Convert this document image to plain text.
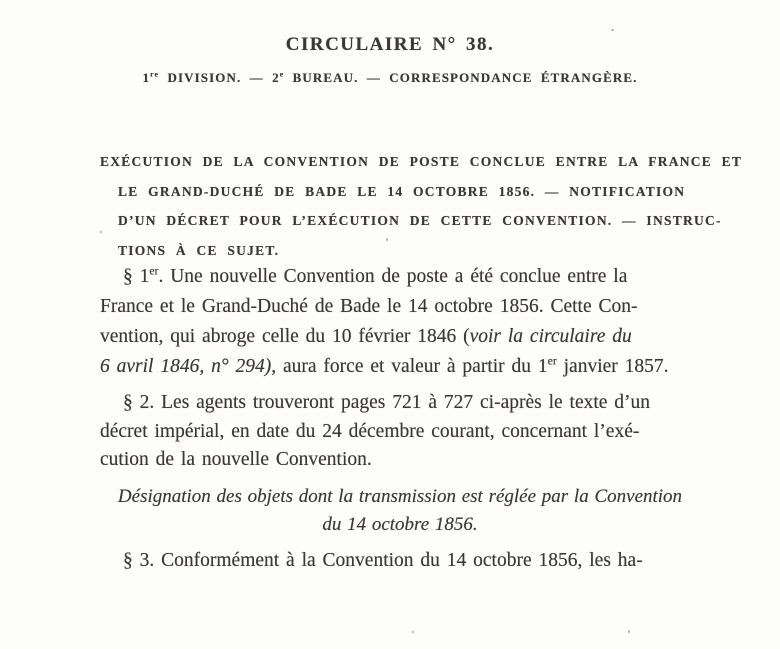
CIRCULAIRE N° 38.
1re DIVISION. — 2e BUREAU. — CORRESPONDANCE ÉTRANGÈRE.
EXÉCUTION DE LA CONVENTION DE POSTE CONCLUE ENTRE LA FRANCE ET
LE GRAND-DUCHÉ DE BADE LE 14 OCTOBRE 1856. — NOTIFICATION
D’UN DÉCRET POUR L’EXÉCUTION DE CETTE CONVENTION. — INSTRUC-
TIONS À CE SUJET.
§ 1er. Une nouvelle Convention de poste a été conclue entre la
France et le Grand-Duché de Bade le 14 octobre 1856. Cette Con-
vention, qui abroge celle du 10 février 1846 (voir la circulaire du
6 avril 1846, n° 294), aura force et valeur à partir du 1er janvier 1857.
§ 2. Les agents trouveront pages 721 à 727 ci-après le texte d’un
décret impérial, en date du 24 décembre courant, concernant l’exé-
cution de la nouvelle Convention.
Désignation des objets dont la transmission est réglée par la Convention
du 14 octobre 1856.
§ 3. Conformément à la Convention du 14 octobre 1856, les ha-
